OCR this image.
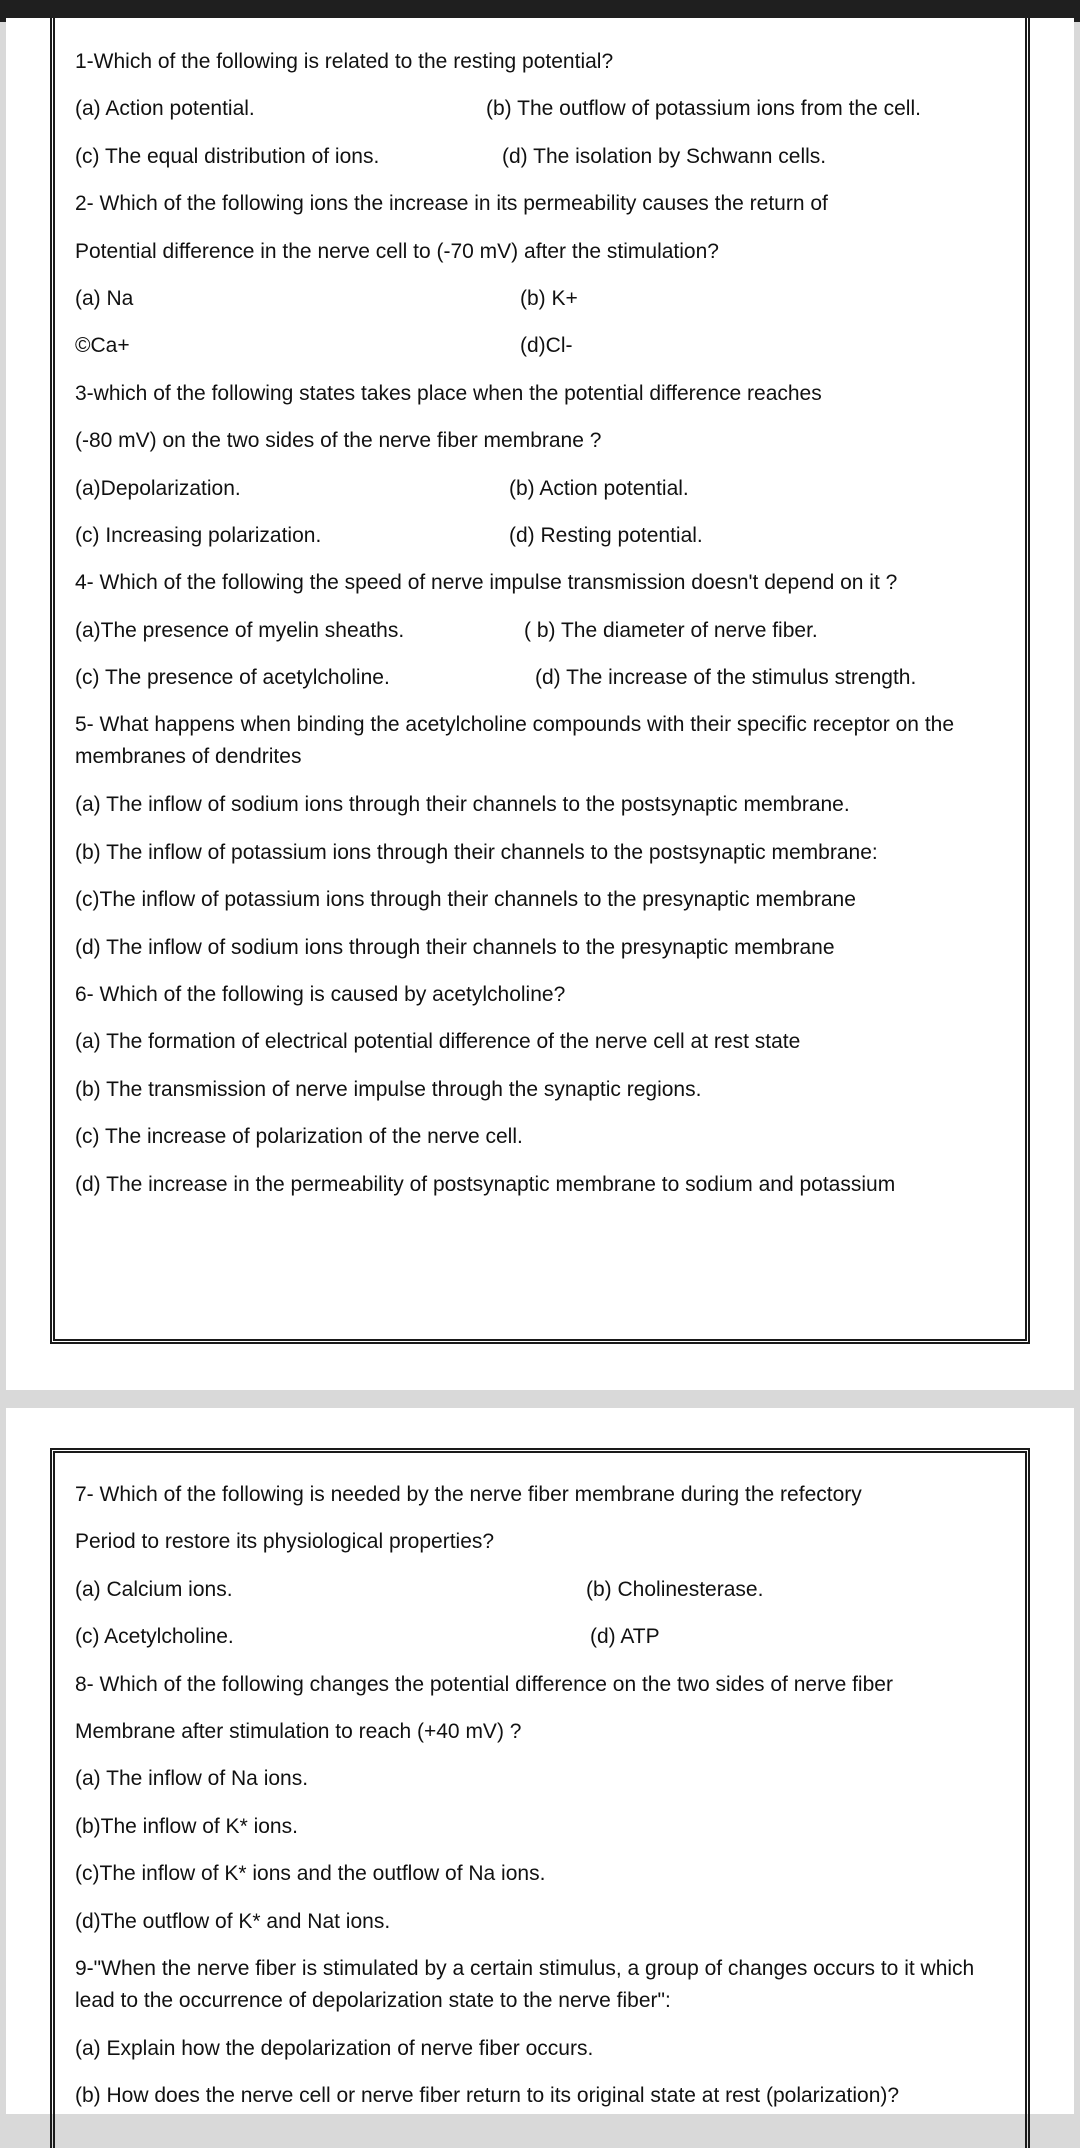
1-Which of the following is related to the resting potential?
(a) Action potential.	(b) The outflow of potassium ions from the cell.
(c) The equal distribution of ions.	(d) The isolation by Schwann cells.
2- Which of the following ions the increase in its permeability causes the return of
Potential difference in the nerve cell to (-70 mV) after the stimulation?
(a) Na	(b) K+
©Ca+	(d)Cl-
3-which of the following states takes place when the potential difference reaches
(-80 mV) on the two sides of the nerve fiber membrane ?
(a)Depolarization.	(b) Action potential.
(c) Increasing polarization.	(d) Resting potential.
4- Which of the following the speed of nerve impulse transmission doesn't depend on it ?
(a)The presence of myelin sheaths.	( b) The diameter of nerve fiber.
(c) The presence of acetylcholine.	(d) The increase of the stimulus strength.
5- What happens when binding the acetylcholine compounds with their specific receptor on the membranes of dendrites
(a) The inflow of sodium ions through their channels to the postsynaptic membrane.
(b) The inflow of potassium ions through their channels to the postsynaptic membrane:
(c)The inflow of potassium ions through their channels to the presynaptic membrane
(d) The inflow of sodium ions through their channels to the presynaptic membrane
6- Which of the following is caused by acetylcholine?
(a) The formation of electrical potential difference of the nerve cell at rest state
(b) The transmission of nerve impulse through the synaptic regions.
(c) The increase of polarization of the nerve cell.
(d) The increase in the permeability of postsynaptic membrane to sodium and potassium
7- Which of the following is needed by the nerve fiber membrane during the refectory
Period to restore its physiological properties?
(a) Calcium ions.	(b) Cholinesterase.
(c) Acetylcholine.	(d) ATP
8- Which of the following changes the potential difference on the two sides of nerve fiber
Membrane after stimulation to reach (+40 mV) ?
(a) The inflow of Na ions.
(b)The inflow of K* ions.
(c)The inflow of K* ions and the outflow of Na ions.
(d)The outflow of K* and Nat ions.
9-"When the nerve fiber is stimulated by a certain stimulus, a group of changes occurs to it which lead to the occurrence of depolarization state to the nerve fiber":
(a) Explain how the depolarization of nerve fiber occurs.
(b) How does the nerve cell or nerve fiber return to its original state at rest (polarization)?
